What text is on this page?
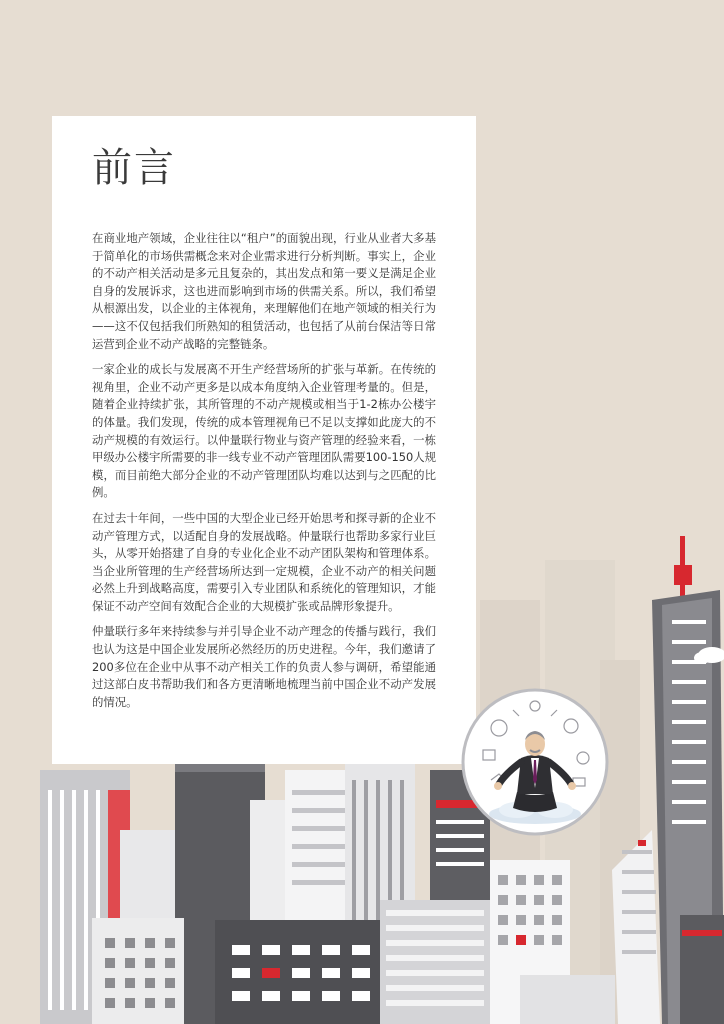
前言

在商业地产领域，企业往往以“租户”的面貌出现，行业从业者大多基于简单化的市场供需概念来对企业需求进行分析判断。事实上，企业的不动产相关活动是多元且复杂的，其出发点和第一要义是满足企业自身的发展诉求，这也进而影响到市场的供需关系。所以，我们希望从根源出发，以企业的主体视角，来理解他们在地产领域的相关行为——这不仅包括我们所熟知的租赁活动，也包括了从前台保洁等日常运营到企业不动产战略的完整链条。

一家企业的成长与发展离不开生产经营场所的扩张与革新。在传统的视角里，企业不动产更多是以成本角度纳入企业管理考量的。但是，随着企业持续扩张，其所管理的不动产规模或相当于1-2栋办公楼宇的体量。我们发现，传统的成本管理视角已不足以支撑如此庞大的不动产规模的有效运行。以仲量联行物业与资产管理的经验来看，一栋甲级办公楼宇所需要的非一线专业不动产管理团队需要100-150人规模，而目前绝大部分企业的不动产管理团队均难以达到与之匹配的比例。

在过去十年间，一些中国的大型企业已经开始思考和探寻新的企业不动产管理方式，以适配自身的发展战略。仲量联行也帮助多家行业巨头，从零开始搭建了自身的专业化企业不动产团队架构和管理体系。当企业所管理的生产经营场所达到一定规模，企业不动产的相关问题必然上升到战略高度，需要引入专业团队和系统化的管理知识，才能保证不动产空间有效配合企业的大规模扩张或品牌形象提升。

仲量联行多年来持续参与并引导企业不动产理念的传播与践行，我们也认为这是中国企业发展所必然经历的历史进程。今年，我们邀请了200多位在企业中从事不动产相关工作的负责人参与调研，希望能通过这部白皮书帮助我们和各方更清晰地梳理当前中国企业不动产发展的情况。
